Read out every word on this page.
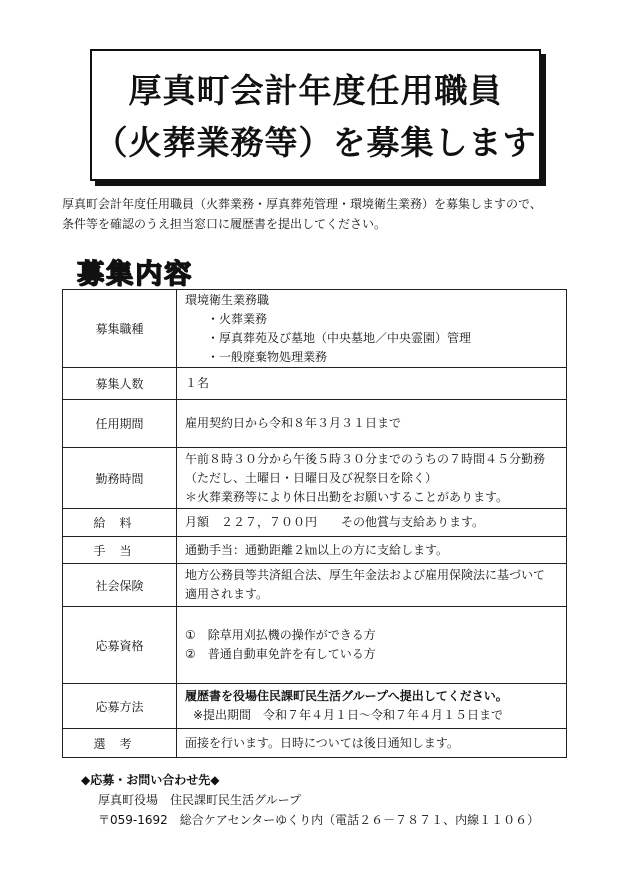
厚真町会計年度任用職員
（火葬業務等）を募集します

厚真町会計年度任用職員（火葬業務・厚真葬苑管理・環境衛生業務）を募集しますので、

条件等を確認のうえ担当窓口に履歴書を提出してください。

募集内容
募集職種	環境衛生業務職
・火葬業務
・厚真葬苑及び墓地（中央墓地／中央霊園）管理
・一般廃棄物処理業務

募集人数	１名
任用期間	雇用契約日から令和８年３月３１日まで
勤務時間	午前８時３０分から午後５時３０分までのうちの７時間４５分勤務
（ただし、土曜日・日曜日及び祝祭日を除く）
＊火葬業務等により休日出勤をお願いすることがあります。

給料	月額　２２７，７００円　　その他賞与支給あります。
手当	通勤手当：通勤距離２㎞以上の方に支給します。
社会保険	地方公務員等共済組合法、厚生年金法および雇用保険法に基づいて
適用されます。

応募資格	①　除草用刈払機の操作ができる方
②　普通自動車免許を有している方

応募方法	履歴書を役場住民課町民生活グループへ提出してください。
※提出期間　令和７年４月１日～令和７年４月１５日まで

選考	面接を行います。日時については後日通知します。
◆応募・お問い合わせ先◆
厚真町役場　住民課町民生活グループ
〒059-1692　総合ケアセンターゆくり内（電話２６－７８７１、内線１１０６）
